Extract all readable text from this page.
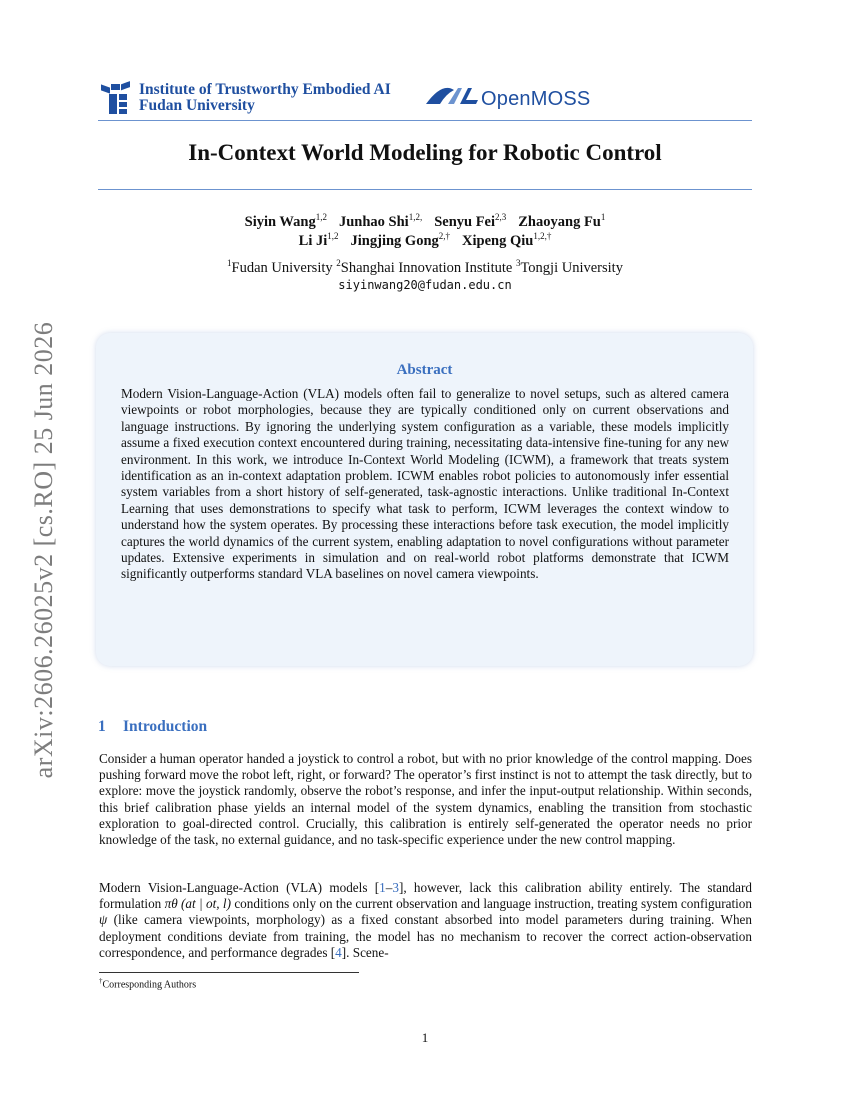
arXiv:2606.26025v2 [cs.RO] 25 Jun 2026
Institute of Trustworthy Embodied AI
Fudan University	OpenMOSS
In-Context World Modeling for Robotic Control
Siyin Wang$^{1,2}$ Junhao Shi$^{1,2,}$ Senyu Fei$^{2,3}$ Zhaoyang Fu$^1$
Li Ji$^{1,2}$ Jingjing Gong$^{2,\dagger}$ Xipeng Qiu$^{1,2,\dagger}$
$^1$Fudan University $^2$Shanghai Innovation Institute $^3$Tongji University
siyinwang20@fudan.edu.cn
Abstract
Modern Vision-Language-Action (VLA) models often fail to generalize to novel setups, such as altered camera viewpoints or robot morphologies, because they are typically conditioned only on current observations and language instructions. By ignoring the underlying system configuration as a variable, these models implicitly assume a fixed execution context encountered during training, necessitating data-intensive fine-tuning for any new environment. In this work, we introduce In-Context World Modeling (ICWM), a framework that treats system identification as an in-context adaptation problem. ICWM enables robot policies to autonomously infer essential system variables from a short history of self-generated, task-agnostic interactions. Unlike traditional In-Context Learning that uses demonstrations to specify what task to perform, ICWM leverages the context window to understand how the system operates. By processing these interactions before task execution, the model implicitly captures the world dynamics of the current system, enabling adaptation to novel configurations without parameter updates. Extensive experiments in simulation and on real-world robot platforms demonstrate that ICWM significantly outperforms standard VLA baselines on novel camera viewpoints.
1 Introduction
Consider a human operator handed a joystick to control a robot, but with no prior knowledge of the control mapping. Does pushing forward move the robot left, right, or forward? The operator’s first instinct is not to attempt the task directly, but to explore: move the joystick randomly, observe the robot’s response, and infer the input-output relationship. Within seconds, this brief calibration phase yields an internal model of the system dynamics, enabling the transition from stochastic exploration to goal-directed control. Crucially, this calibration is entirely self-generated the operator needs no prior knowledge of the task, no external guidance, and no task-specific experience under the new control mapping.
Modern Vision-Language-Action (VLA) models [1–3], however, lack this calibration ability entirely. The standard formulation πθ (at | ot, l) conditions only on the current observation and language instruction, treating system configuration ψ (like camera viewpoints, morphology) as a fixed constant absorbed into model parameters during training. When deployment conditions deviate from training, the model has no mechanism to recover the correct action-observation correspondence, and performance degrades [4]. Scene-
†Corresponding Authors
1
